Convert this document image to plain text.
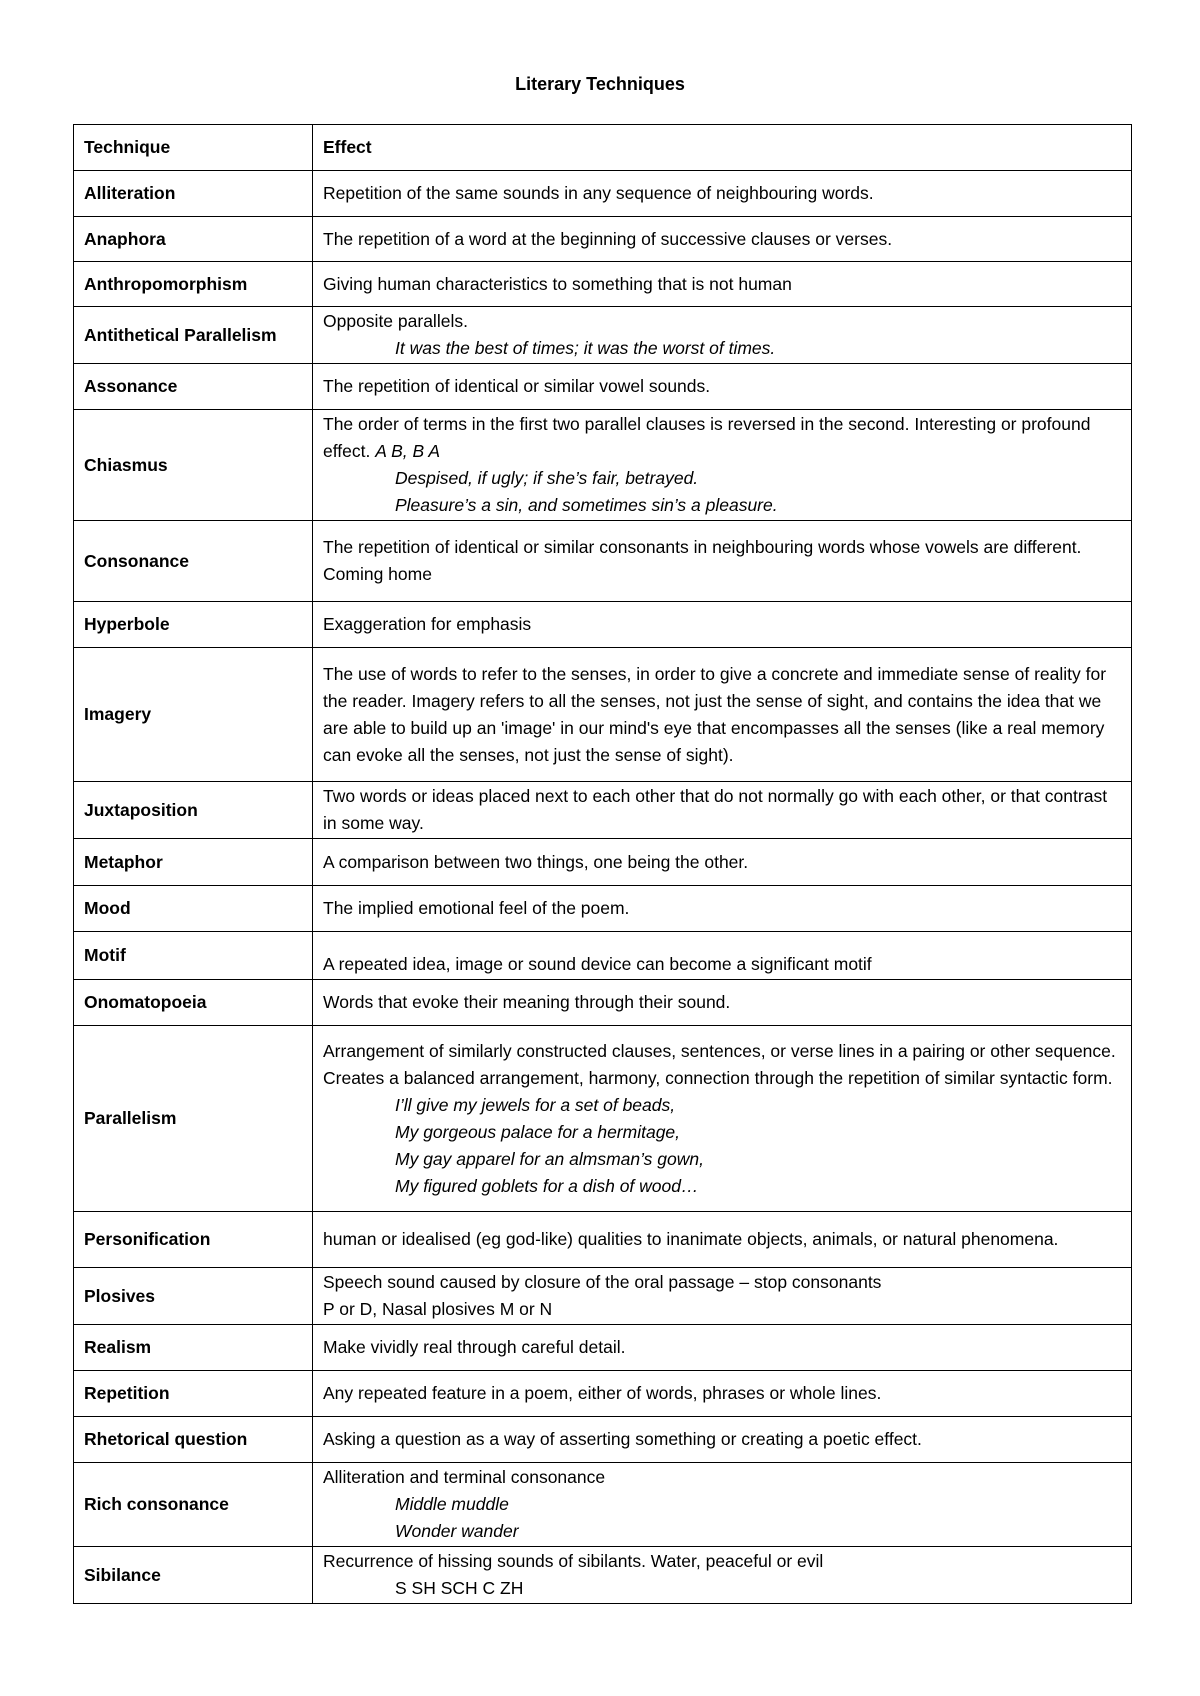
Literary Techniques
Technique	Effect
Alliteration	Repetition of the same sounds in any sequence of neighbouring words.

Anaphora	The repetition of a word at the beginning of successive clauses or verses.

Anthropomorphism	Giving human characteristics to something that is not human

Antithetical Parallelism	Opposite parallels.
It was the best of times; it was the worst of times.

Assonance	The repetition of identical or similar vowel sounds.

Chiasmus	The order of terms in the first two parallel clauses is reversed in the second. Interesting or profound effect. A B, B A
Despised, if ugly; if she’s fair, betrayed.
Pleasure’s a sin, and sometimes sin’s a pleasure.

Consonance	The repetition of identical or similar consonants in neighbouring words whose vowels are different.
Coming home

Hyperbole	Exaggeration for emphasis

Imagery	The use of words to refer to the senses, in order to give a concrete and immediate sense of reality for the reader. Imagery refers to all the senses, not just the sense of sight, and contains the idea that we are able to build up an 'image' in our mind's eye that encompasses all the senses (like a real memory can evoke all the senses, not just the sense of sight).

Juxtaposition	Two words or ideas placed next to each other that do not normally go with each other, or that contrast in some way.

Metaphor	A comparison between two things, one being the other.

Mood	The implied emotional feel of the poem.

Motif	A repeated idea, image or sound device can become a significant motif

Onomatopoeia	Words that evoke their meaning through their sound.

Parallelism	Arrangement of similarly constructed clauses, sentences, or verse lines in a pairing or other sequence. Creates a balanced arrangement, harmony, connection through the repetition of similar syntactic form.
I’ll give my jewels for a set of beads,
My gorgeous palace for a hermitage,
My gay apparel for an almsman’s gown,
My figured goblets for a dish of wood…

Personification	human or idealised (eg god-like) qualities to inanimate objects, animals, or natural phenomena.

Plosives	Speech sound caused by closure of the oral passage – stop consonants
P or D, Nasal plosives M or N

Realism	Make vividly real through careful detail.

Repetition	Any repeated feature in a poem, either of words, phrases or whole lines.

Rhetorical question	Asking a question as a way of asserting something or creating a poetic effect.

Rich consonance	Alliteration and terminal consonance
Middle muddle
Wonder wander

Sibilance	Recurrence of hissing sounds of sibilants. Water, peaceful or evil
S SH SCH C ZH
